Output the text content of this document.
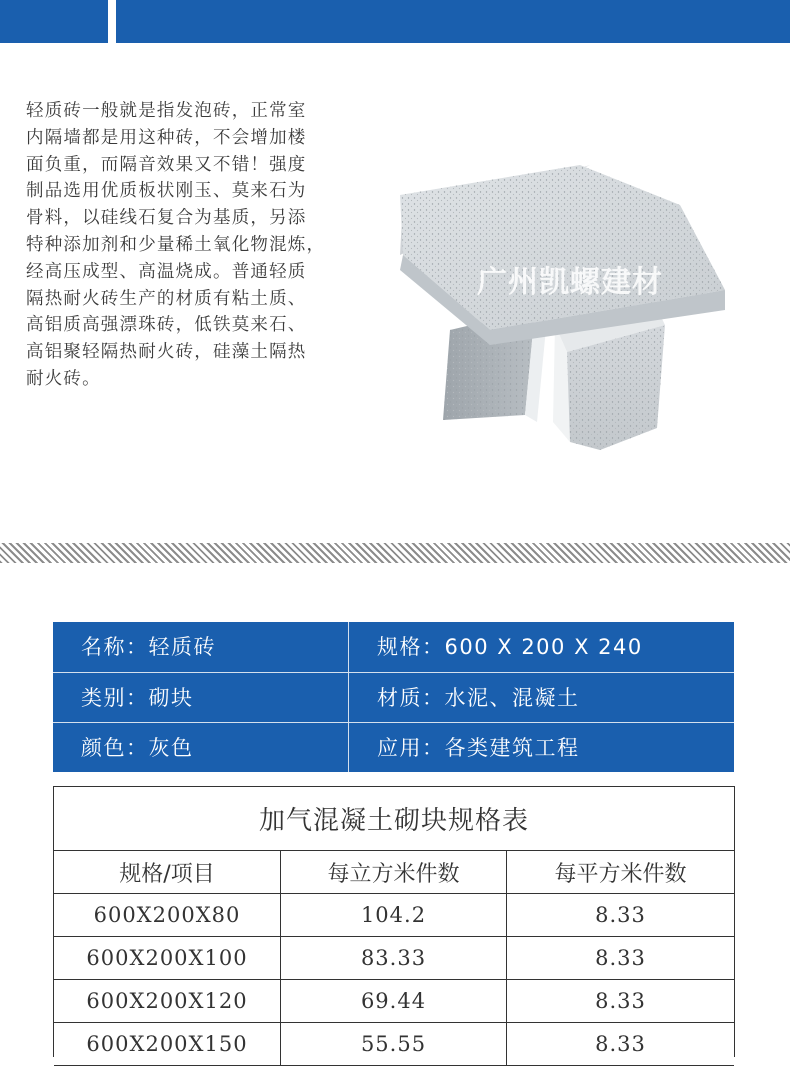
轻质砖一般就是指发泡砖，正常室
内隔墙都是用这种砖，不会增加楼
面负重，而隔音效果又不错！强度
制品选用优质板状刚玉、莫来石为
骨料，以硅线石复合为基质，另添
特种添加剂和少量稀土氧化物混炼，
经高压成型、高温烧成。普通轻质
隔热耐火砖生产的材质有粘土质、
高铝质高强漂珠砖，低铁莫来石、
高铝聚轻隔热耐火砖，硅藻土隔热
耐火砖。
广州凯螺建材
名称：轻质砖	规格：600 X 200 X 240
类别：砌块	材质：水泥、混凝土
颜色：灰色	应用：各类建筑工程
加气混凝土砌块规格表
规格/项目	每立方米件数	每平方米件数
600X200X80	104.2	8.33
600X200X100	83.33	8.33
600X200X120	69.44	8.33
600X200X150	55.55	8.33
